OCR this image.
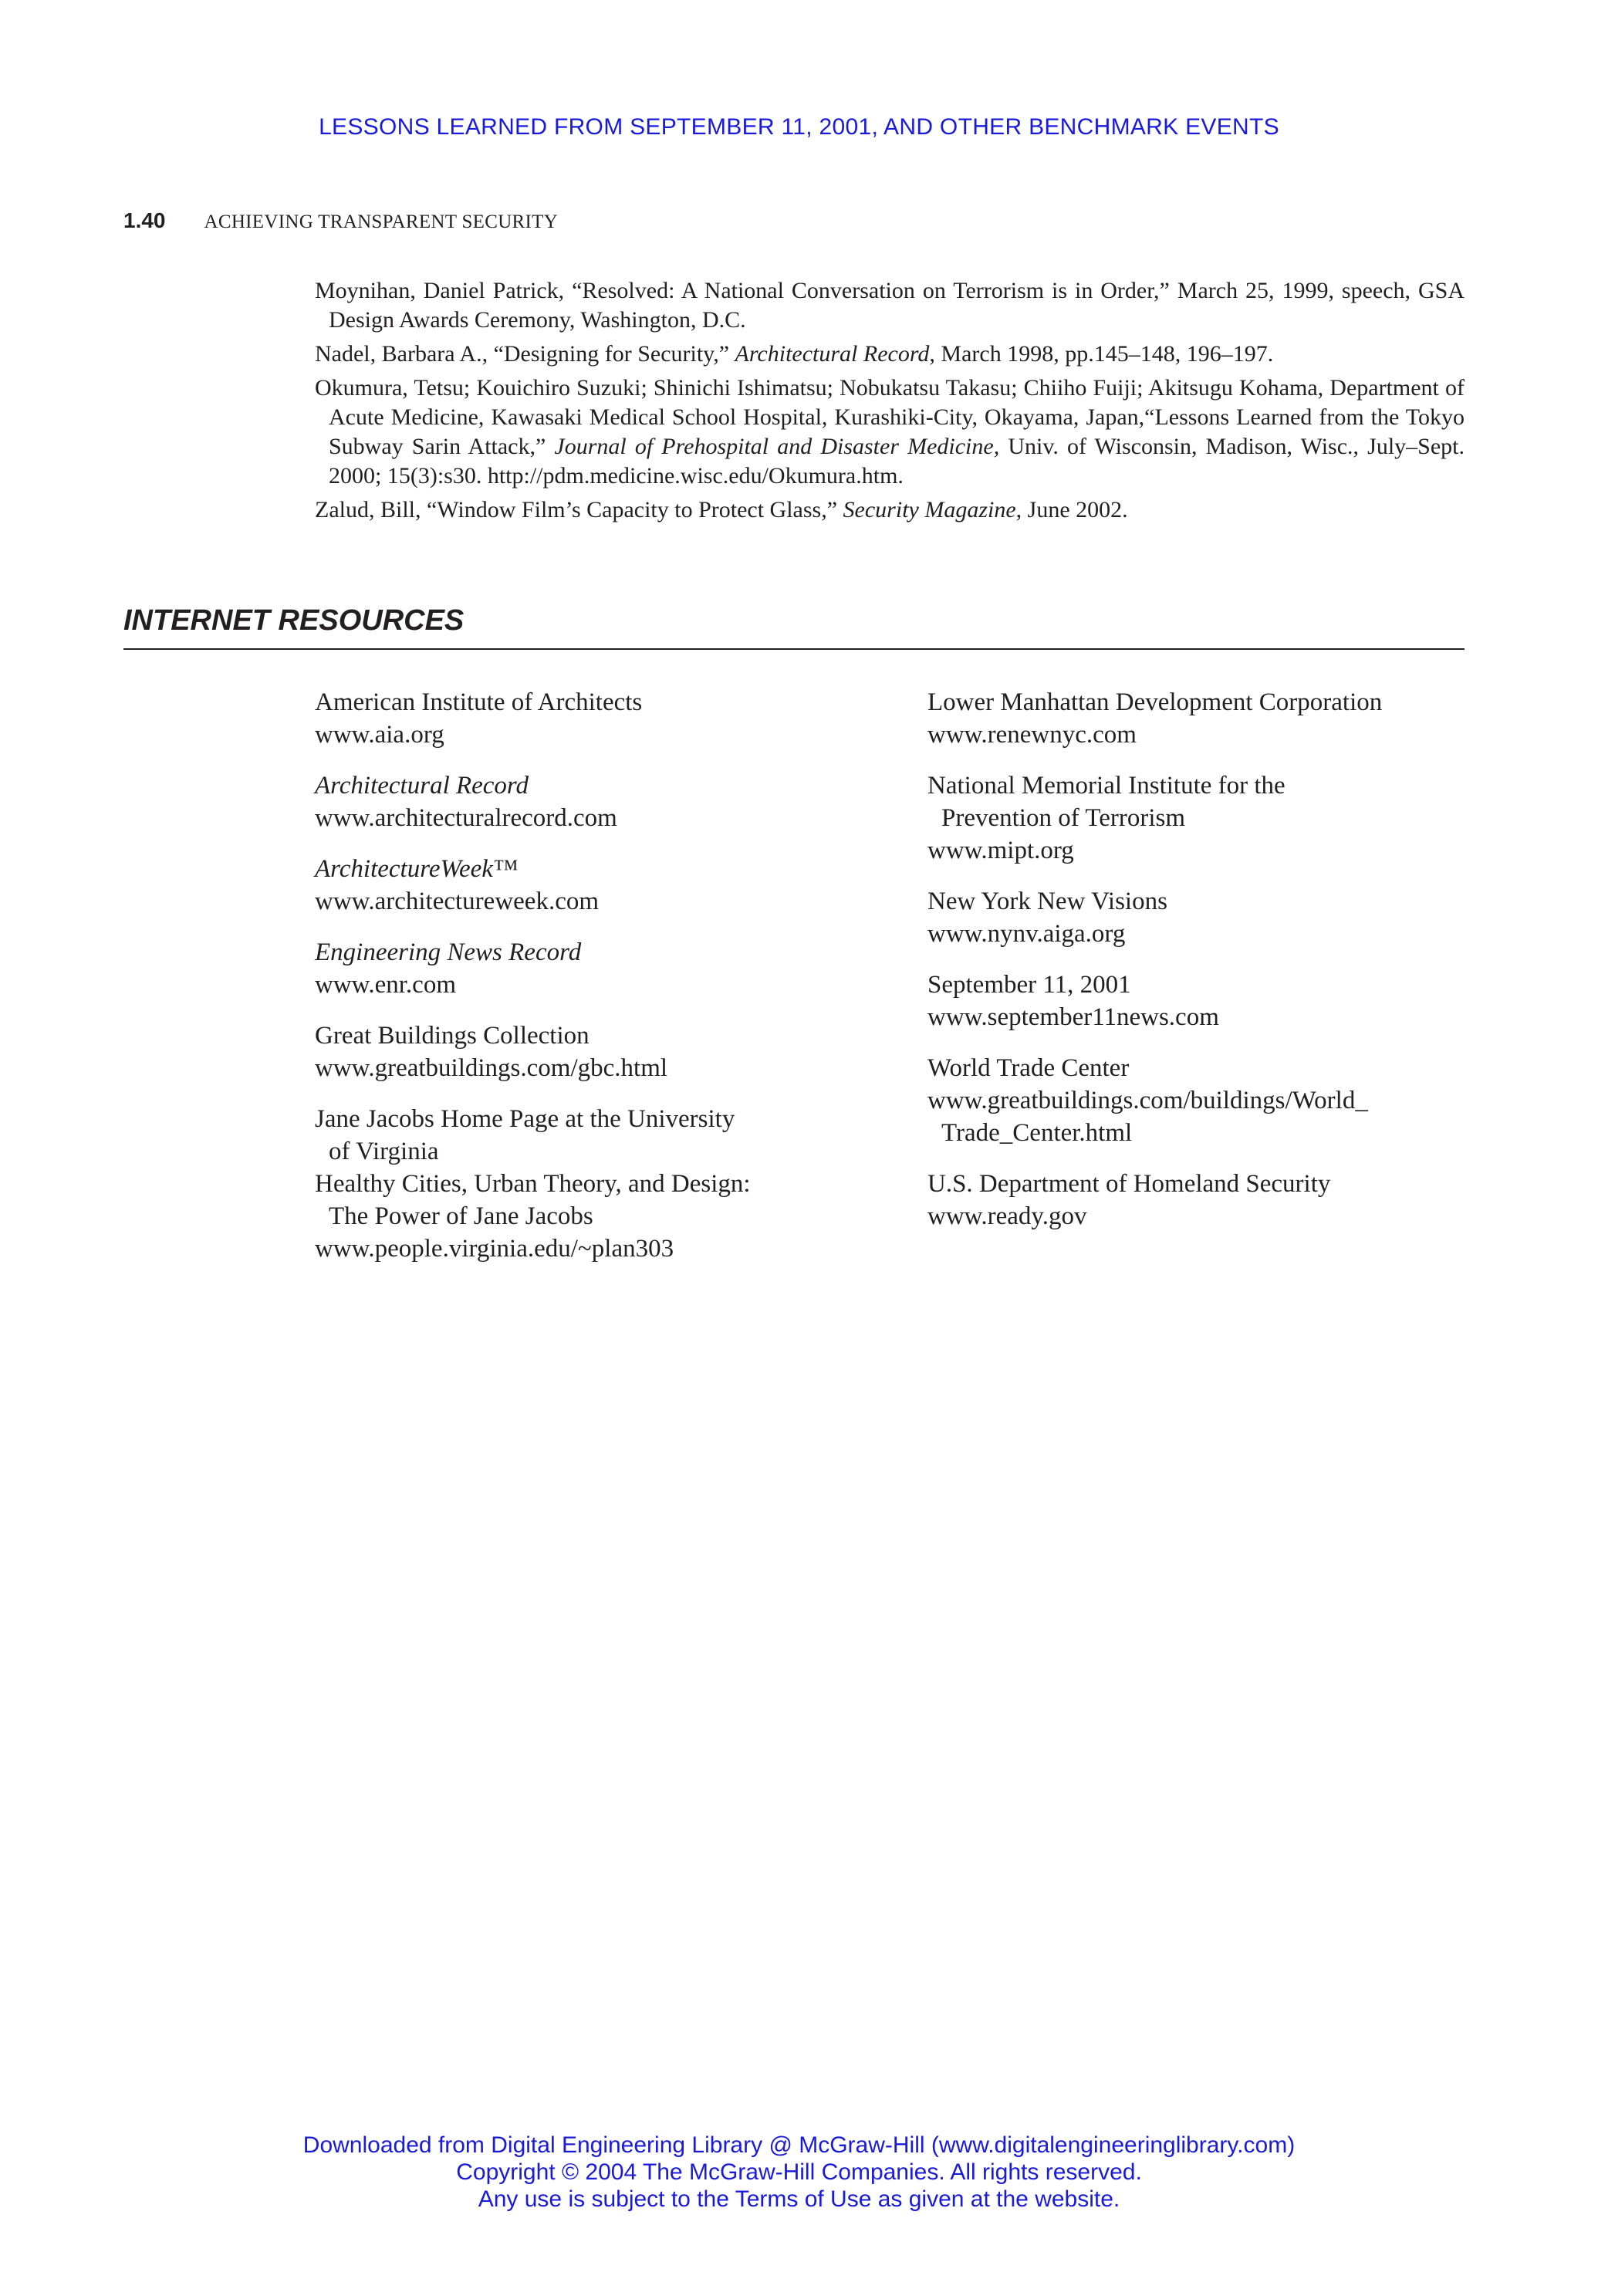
LESSONS LEARNED FROM SEPTEMBER 11, 2001, AND OTHER BENCHMARK EVENTS
1.40 ACHIEVING TRANSPARENT SECURITY

Moynihan, Daniel Patrick, “Resolved: A National Conversation on Terrorism is in Order,” March 25, 1999, speech, GSA Design Awards Ceremony, Washington, D.C.

Nadel, Barbara A., “Designing for Security,” Architectural Record, March 1998, pp.145–148, 196–197.

Okumura, Tetsu; Kouichiro Suzuki; Shinichi Ishimatsu; Nobukatsu Takasu; Chiiho Fuiji; Akitsugu Kohama, Department of Acute Medicine, Kawasaki Medical School Hospital, Kurashiki-City, Okayama, Japan,“Lessons Learned from the Tokyo Subway Sarin Attack,” Journal of Prehospital and Disaster Medicine, Univ. of Wisconsin, Madison, Wisc., July–Sept. 2000; 15(3):s30. http://pdm.medicine.wisc.edu/Okumura.htm.

Zalud, Bill, “Window Film’s Capacity to Protect Glass,” Security Magazine, June 2002.

INTERNET RESOURCES
American Institute of Architects
www.aia.org
Architectural Record
www.architecturalrecord.com
ArchitectureWeek™
www.architectureweek.com
Engineering News Record
www.enr.com
Great Buildings Collection
www.greatbuildings.com/gbc.html
Jane Jacobs Home Page at the University
of Virginia
Healthy Cities, Urban Theory, and Design:
The Power of Jane Jacobs
www.people.virginia.edu/~plan303
Lower Manhattan Development Corporation
www.renewnyc.com
National Memorial Institute for the
Prevention of Terrorism
www.mipt.org
New York New Visions
www.nynv.aiga.org
September 11, 2001
www.september11news.com
World Trade Center
www.greatbuildings.com/buildings/World_
Trade_Center.html
U.S. Department of Homeland Security
www.ready.gov
Downloaded from Digital Engineering Library @ McGraw-Hill (www.digitalengineeringlibrary.com)
Copyright © 2004 The McGraw-Hill Companies. All rights reserved.
Any use is subject to the Terms of Use as given at the website.
